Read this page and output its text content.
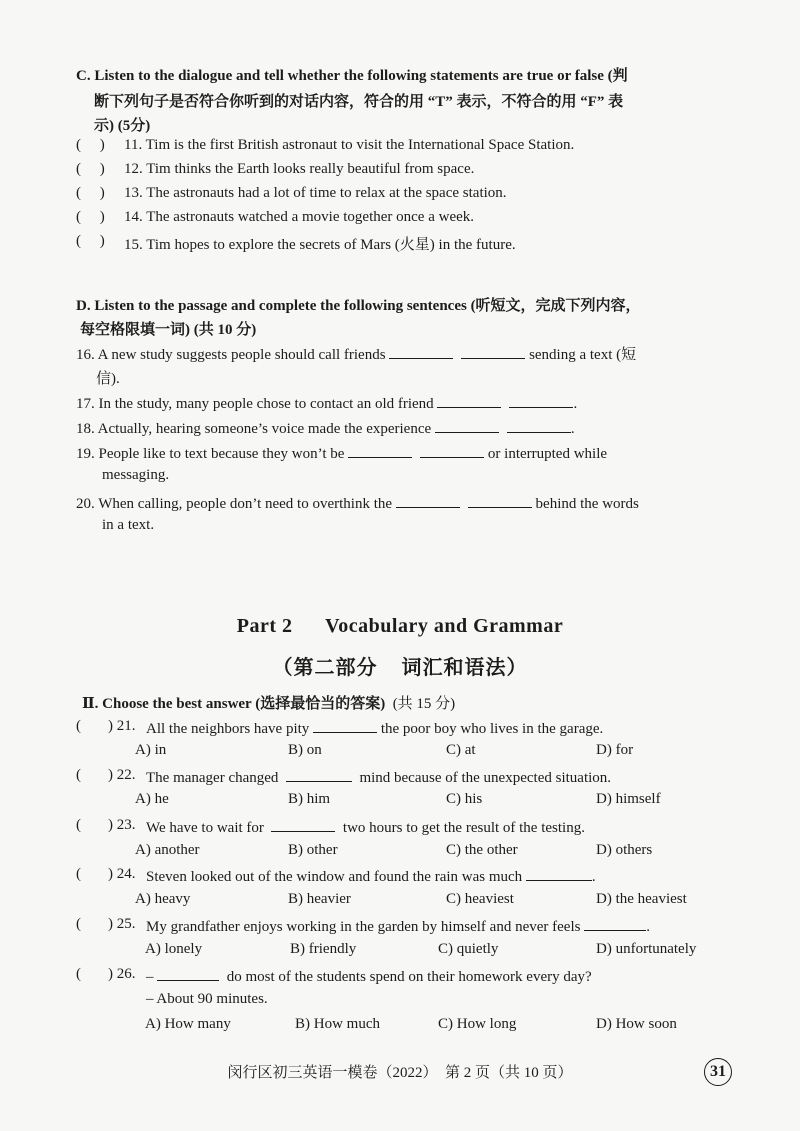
C. Listen to the dialogue and tell whether the following statements are true or false (判
断下列句子是否符合你听到的对话内容，符合的用 “T” 表示，不符合的用 “F” 表
示) (5分)
(     ) 11. Tim is the first British astronaut to visit the International Space Station.
(     ) 12. Tim thinks the Earth looks really beautiful from space.
(     ) 13. The astronauts had a lot of time to relax at the space station.
(     ) 14. The astronauts watched a movie together once a week.
(     ) 15. Tim hopes to explore the secrets of Mars (火星) in the future.
D. Listen to the passage and complete the following sentences (听短文，完成下列内容，
每空格限填一词) (共 10 分)
16. A new study suggests people should call friends	sending a text (短
信).
17. In the study, many people chose to contact an old friend	.
18. Actually, hearing someone’s voice made the experience	.
19. People like to text because they won’t be	or interrupted while
messaging.
20. When calling, people don’t need to overthink the	behind the words
in a text.
Part 2      Vocabulary and Grammar
（第二部分    词汇和语法）
Ⅱ. Choose the best answer (选择最恰当的答案) (共 15 分)
( ) 21. All the neighbors have pity	the poor boy who lives in the garage.
A) in	B) on	C) at	D) for
( ) 22. The manager changed	mind because of the unexpected situation.
A) he	B) him	C) his	D) himself
( ) 23. We have to wait for	two hours to get the result of the testing.
A) another	B) other	C) the other	D) others
( ) 24. Steven looked out of the window and found the rain was much	.
A) heavy	B) heavier	C) heaviest	D) the heaviest
( ) 25. My grandfather enjoys working in the garden by himself and never feels	.
A) lonely	B) friendly	C) quietly	D) unfortunately
( ) 26. –	do most of the students spend on their homework every day?
– About 90 minutes.
A) How many	B) How much	C) How long	D) How soon
闵行区初三英语一模卷（2022）  第 2 页（共 10 页）	31
